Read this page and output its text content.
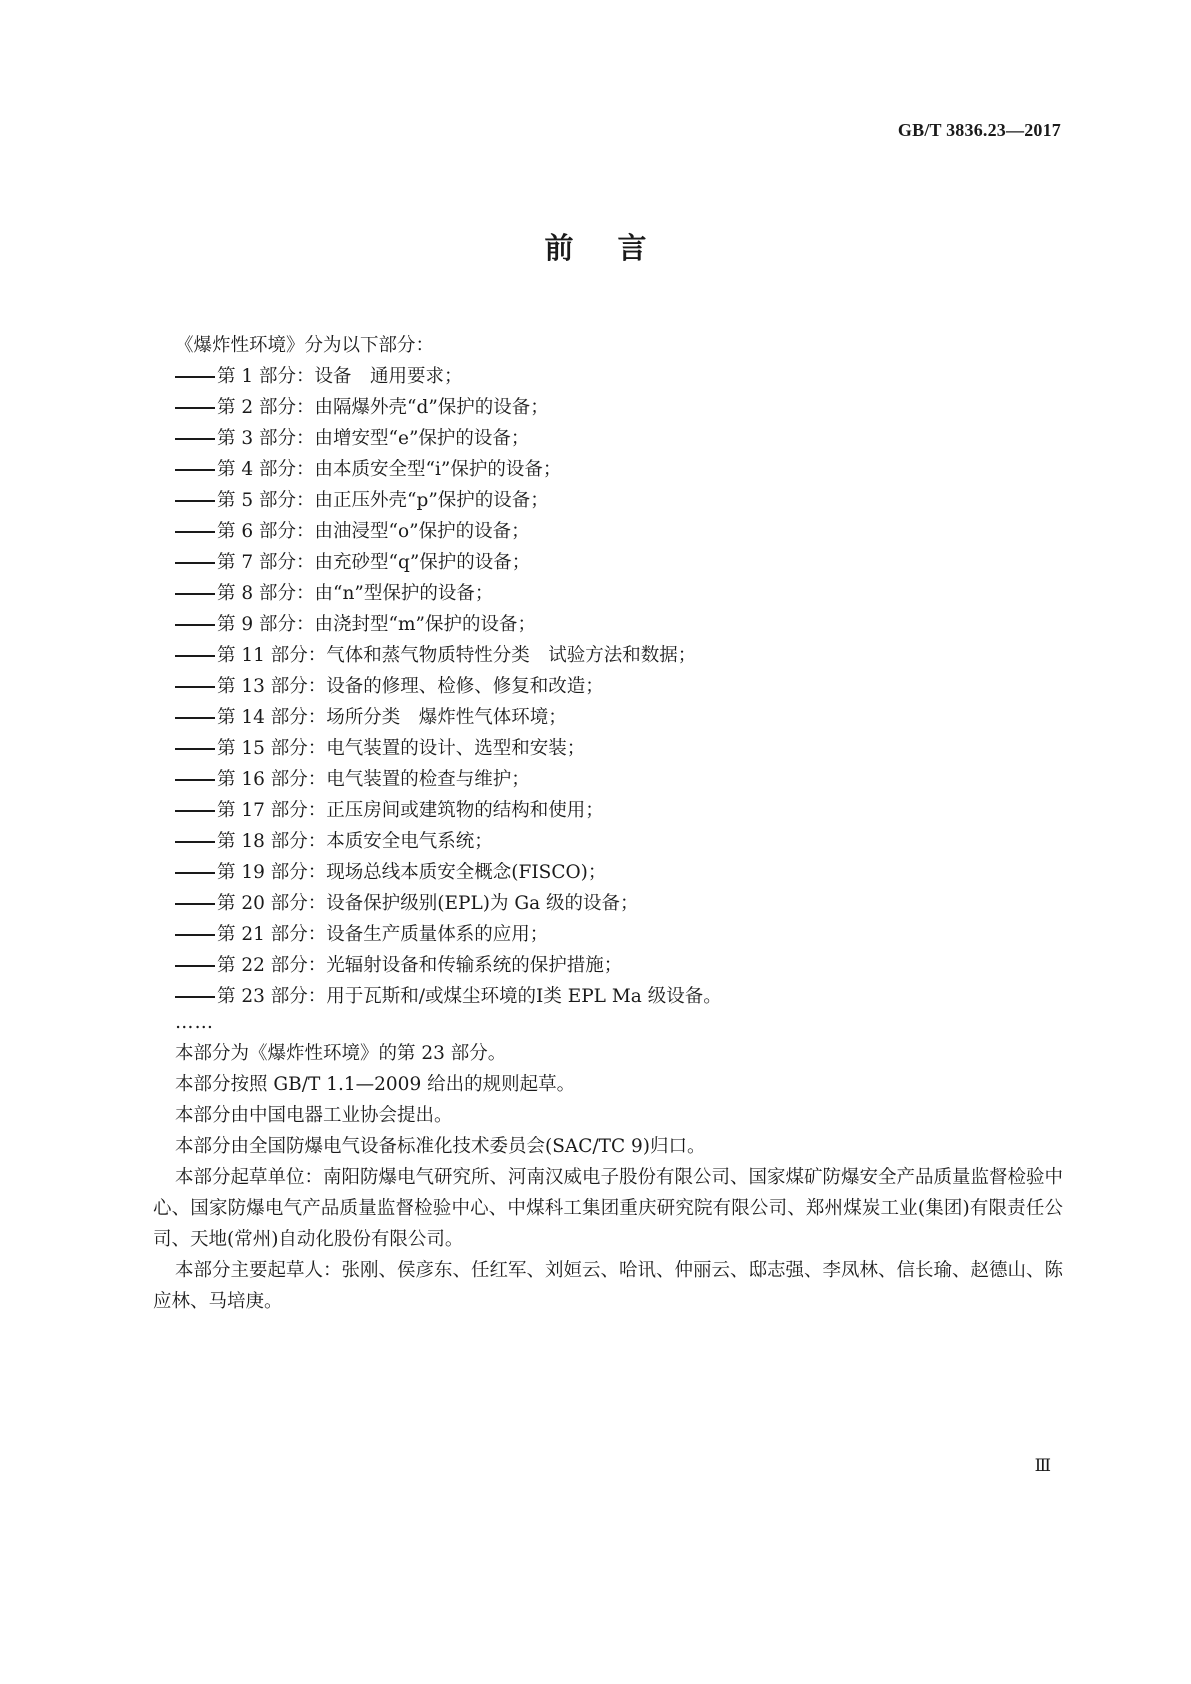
GB/T 3836.23—2017
前言
《爆炸性环境》分为以下部分：
第 1 部分：设备　通用要求；
第 2 部分：由隔爆外壳“d”保护的设备；
第 3 部分：由增安型“e”保护的设备；
第 4 部分：由本质安全型“i”保护的设备；
第 5 部分：由正压外壳“p”保护的设备；
第 6 部分：由油浸型“o”保护的设备；
第 7 部分：由充砂型“q”保护的设备；
第 8 部分：由“n”型保护的设备；
第 9 部分：由浇封型“m”保护的设备；
第 11 部分：气体和蒸气物质特性分类　试验方法和数据；
第 13 部分：设备的修理、检修、修复和改造；
第 14 部分：场所分类　爆炸性气体环境；
第 15 部分：电气装置的设计、选型和安装；
第 16 部分：电气装置的检查与维护；
第 17 部分：正压房间或建筑物的结构和使用；
第 18 部分：本质安全电气系统；
第 19 部分：现场总线本质安全概念(FISCO)；
第 20 部分：设备保护级别(EPL)为 Ga 级的设备；
第 21 部分：设备生产质量体系的应用；
第 22 部分：光辐射设备和传输系统的保护措施；
第 23 部分：用于瓦斯和/或煤尘环境的Ⅰ类 EPL Ma 级设备。
……
本部分为《爆炸性环境》的第 23 部分。
本部分按照 GB/T 1.1—2009 给出的规则起草。
本部分由中国电器工业协会提出。
本部分由全国防爆电气设备标准化技术委员会(SAC/TC 9)归口。
本部分起草单位：南阳防爆电气研究所、河南汉威电子股份有限公司、国家煤矿防爆安全产品质量监督检验中心、国家防爆电气产品质量监督检验中心、中煤科工集团重庆研究院有限公司、郑州煤炭工业(集团)有限责任公司、天地(常州)自动化股份有限公司。
本部分主要起草人：张刚、侯彦东、任红军、刘姮云、哈讯、仲丽云、邸志强、李凤林、信长瑜、赵德山、陈应林、马培庚。
Ⅲ
